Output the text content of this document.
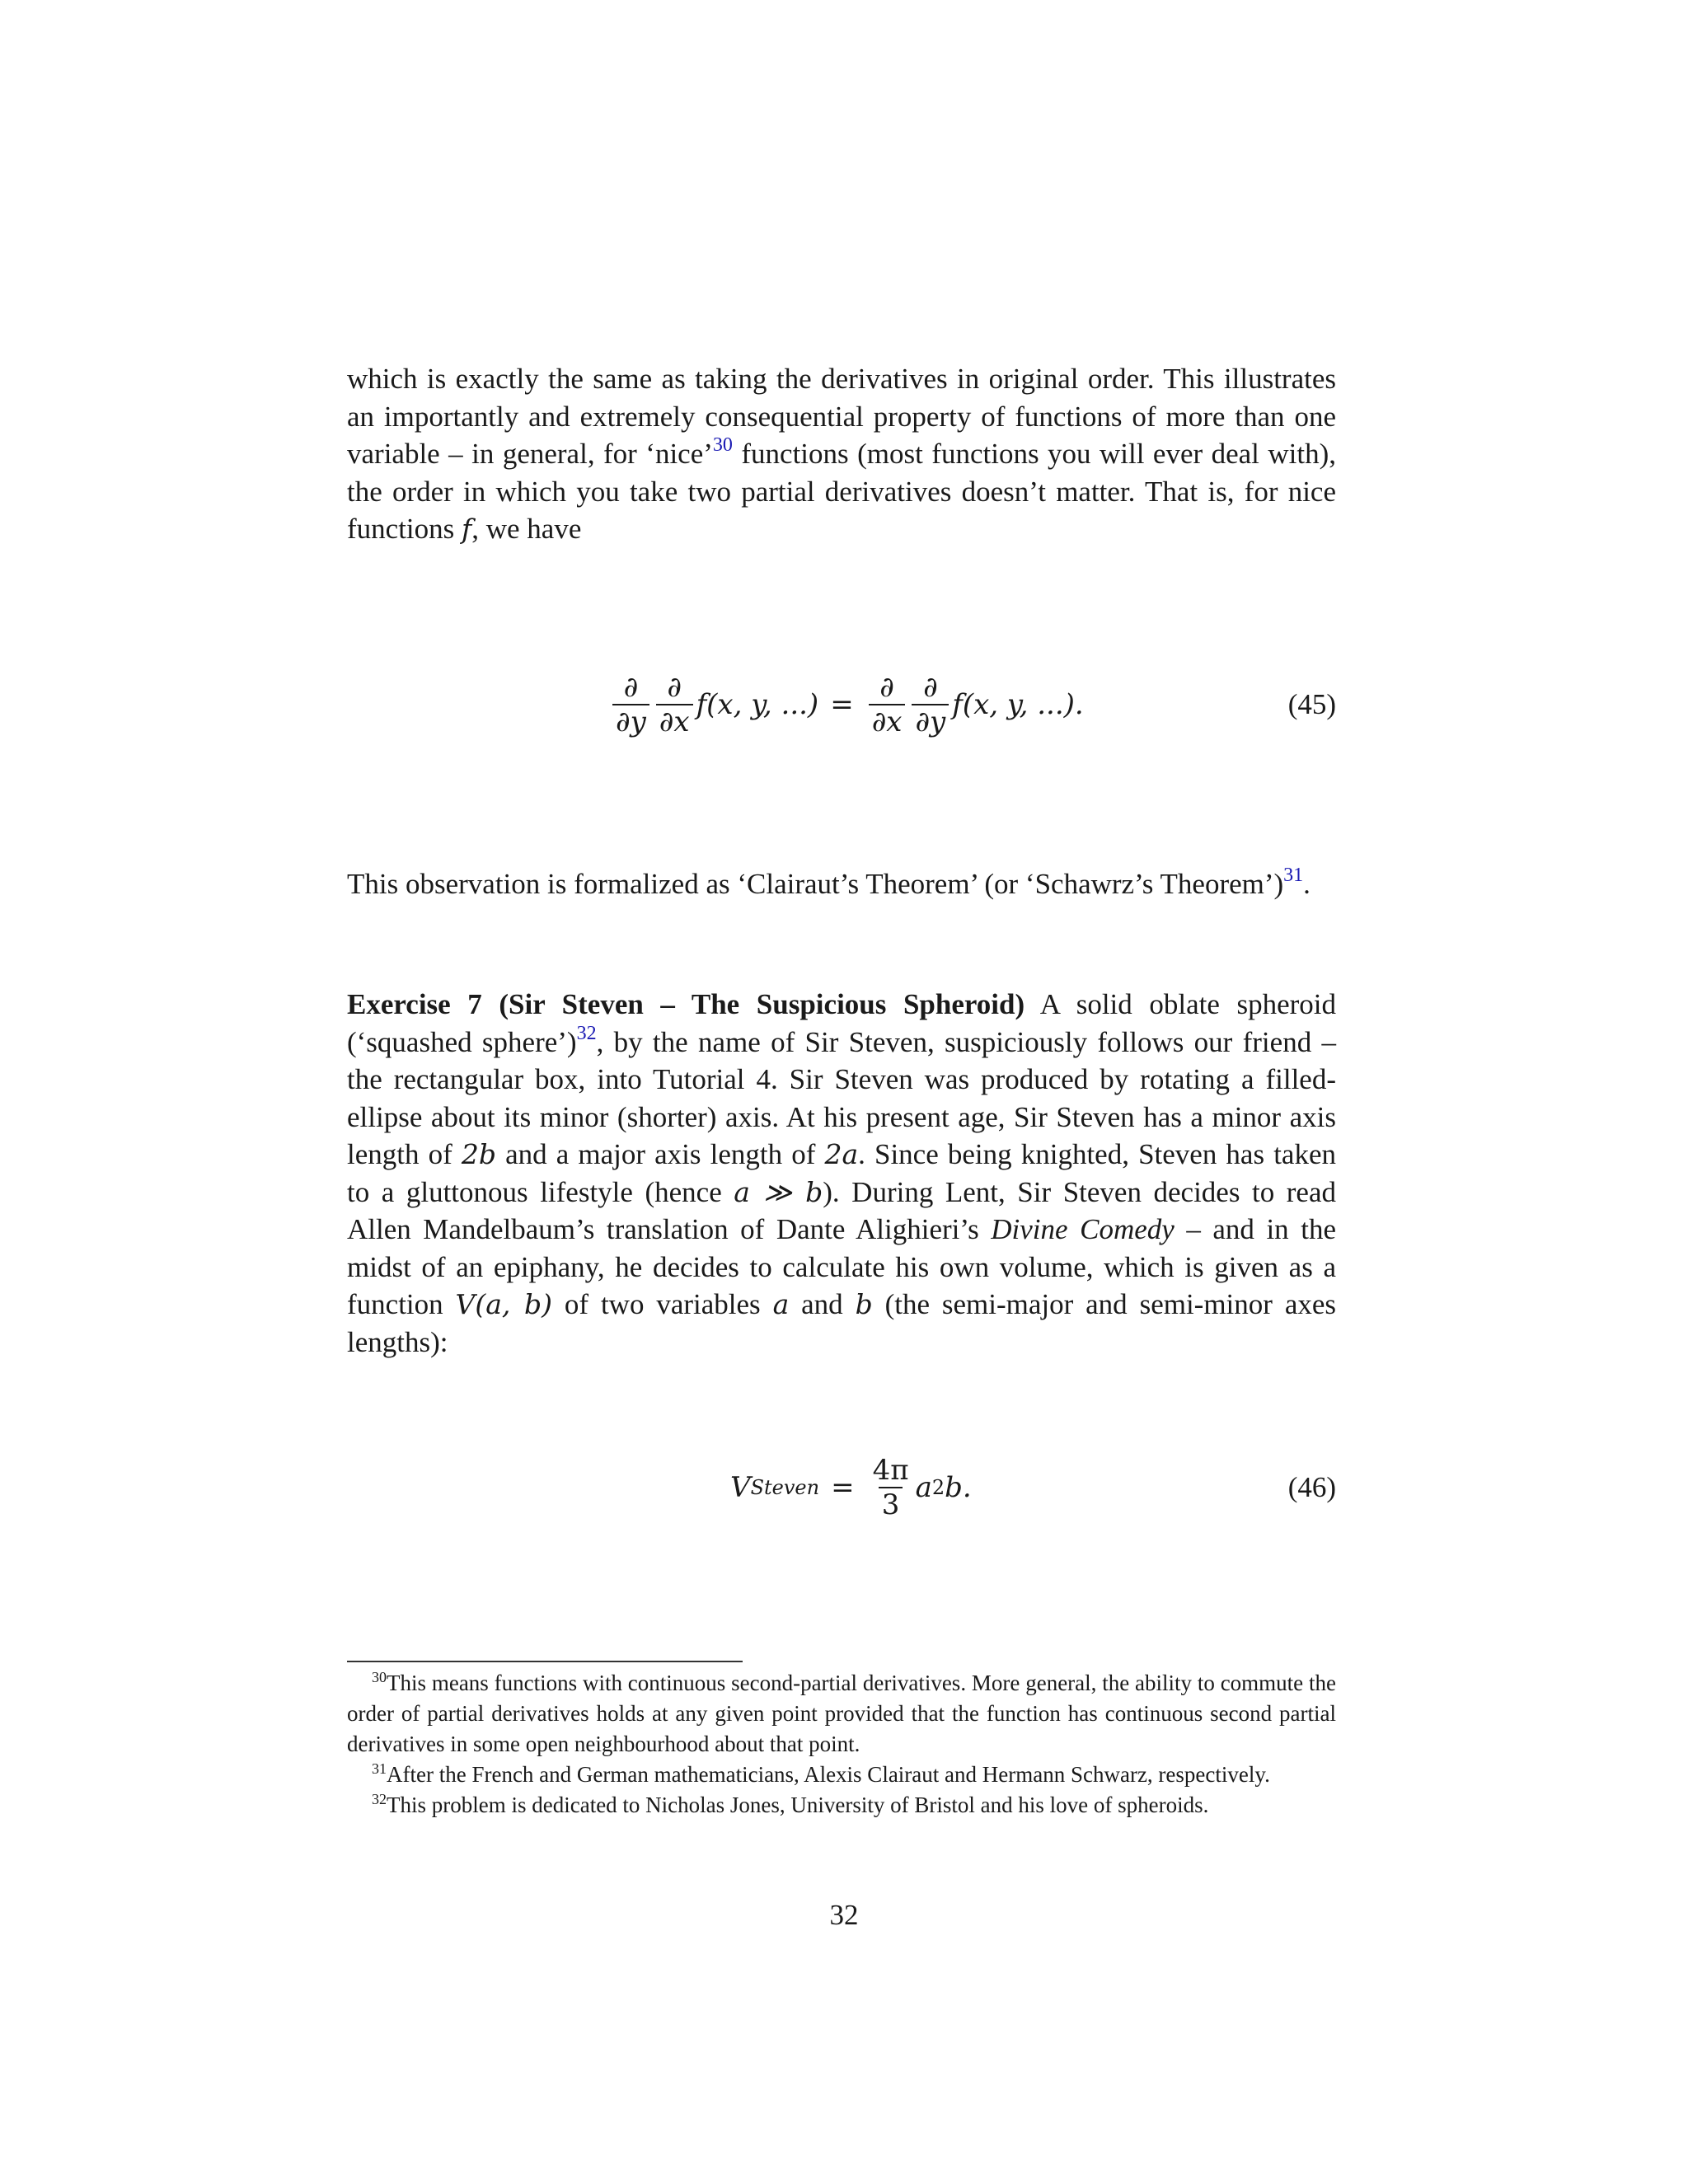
which is exactly the same as taking the derivatives in original order. This illustrates an importantly and extremely consequential property of functions of more than one variable – in general, for ‘nice’$^{30}$ functions (most functions you will ever deal with), the order in which you take two partial derivatives doesn’t matter. That is, for nice functions f, we have

$\frac{\partial}{\partial y} \frac{\partial}{\partial x} f(x$, y, ...) = $\frac{\partial}{\partial x} \frac{\partial}{\partial y} f(x$, y, ...).	(45)

This observation is formalized as ‘Clairaut’s Theorem’ (or ‘Schawrz’s Theorem’)$^{31}$.

Exercise 7 (Sir Steven – The Suspicious Spheroid) A solid oblate spheroid (‘squashed sphere’)$^{32}$, by the name of Sir Steven, suspiciously follows our friend – the rectangular box, into Tutorial 4. Sir Steven was produced by rotating a filled-ellipse about its minor (shorter) axis. At his present age, Sir Steven has a minor axis length of 2b and a major axis length of 2a. Since being knighted, Steven has taken to a gluttonous lifestyle (hence a ≫ b). During Lent, Sir Steven decides to read Allen Mandelbaum’s translation of Dante Alighieri’s Divine Comedy – and in the midst of an epiphany, he decides to calculate his own volume, which is given as a function V(a, b) of two variables a and b (the semi-major and semi-minor axes lengths):

V Steven = $\frac{4\pi}{3}$ a 2 b.	(46)

$^{30}$This means functions with continuous second-partial derivatives. More general, the ability to commute the order of partial derivatives holds at any given point provided that the function has continuous second partial derivatives in some open neighbourhood about that point.

$^{31}$After the French and German mathematicians, Alexis Clairaut and Hermann Schwarz, respectively.

$^{32}$This problem is dedicated to Nicholas Jones, University of Bristol and his love of spheroids.

32
